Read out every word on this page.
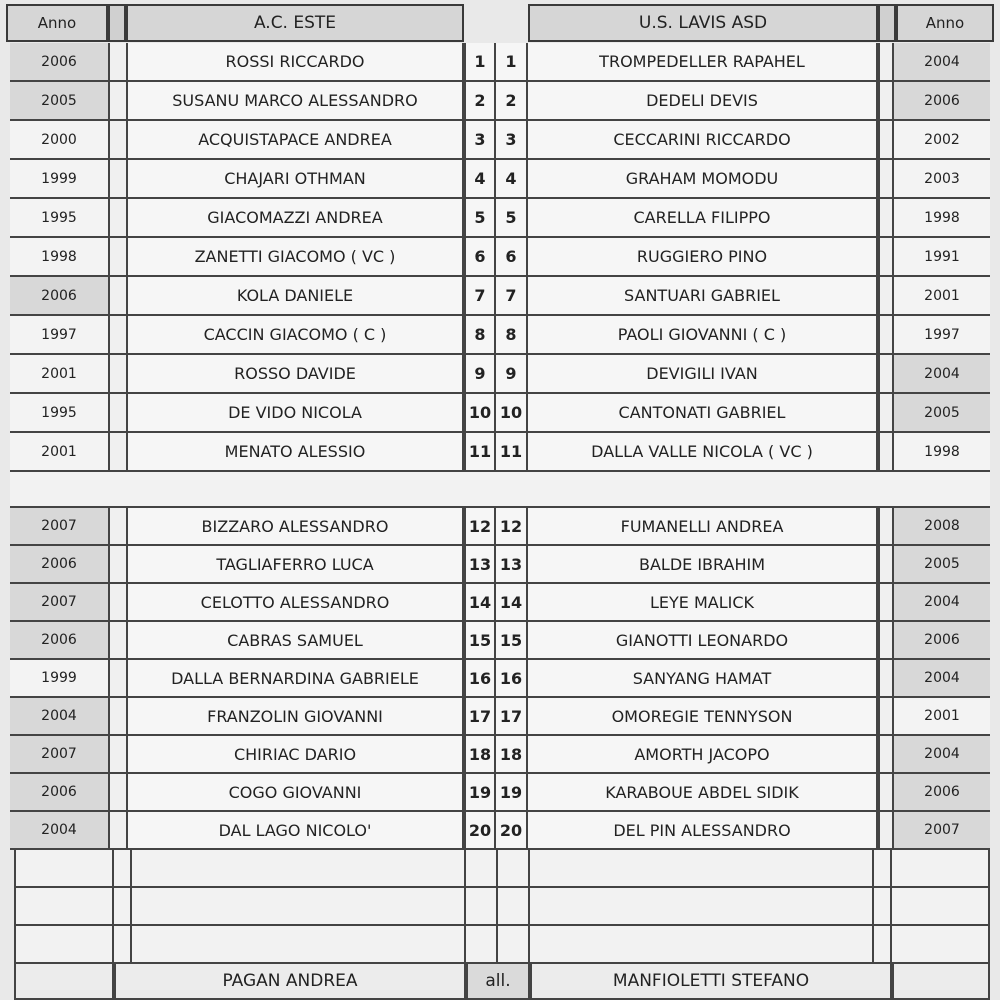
Anno	A.C. ESTE	U.S. LAVIS ASD	Anno
2006	ROSSI RICCARDO	1	1	TROMPEDELLER RAPAHEL	2004
2005	SUSANU MARCO ALESSANDRO	2	2	DEDELI DEVIS	2006
2000	ACQUISTAPACE ANDREA	3	3	CECCARINI RICCARDO	2002
1999	CHAJARI OTHMAN	4	4	GRAHAM MOMODU	2003
1995	GIACOMAZZI ANDREA	5	5	CARELLA FILIPPO	1998
1998	ZANETTI GIACOMO ( VC )	6	6	RUGGIERO PINO	1991
2006	KOLA DANIELE	7	7	SANTUARI GABRIEL	2001
1997	CACCIN GIACOMO ( C )	8	8	PAOLI GIOVANNI ( C )	1997
2001	ROSSO DAVIDE	9	9	DEVIGILI IVAN	2004
1995	DE VIDO NICOLA	10 10	CANTONATI GABRIEL	2005
2001	MENATO ALESSIO	11 11	DALLA VALLE NICOLA ( VC )	1998
2007	BIZZARO ALESSANDRO	12 12	FUMANELLI ANDREA	2008
2006	TAGLIAFERRO LUCA	13 13	BALDE IBRAHIM	2005
2007	CELOTTO ALESSANDRO	14 14	LEYE MALICK	2004
2006	CABRAS SAMUEL	15 15	GIANOTTI LEONARDO	2006
1999	DALLA BERNARDINA GABRIELE	16 16	SANYANG HAMAT	2004
2004	FRANZOLIN GIOVANNI	17 17	OMOREGIE TENNYSON	2001
2007	CHIRIAC DARIO	18 18	AMORTH JACOPO	2004
2006	COGO GIOVANNI	19 19	KARABOUE ABDEL SIDIK	2006
2004	DAL LAGO NICOLO'	20 20	DEL PIN ALESSANDRO	2007
PAGAN ANDREA	all.	MANFIOLETTI STEFANO
